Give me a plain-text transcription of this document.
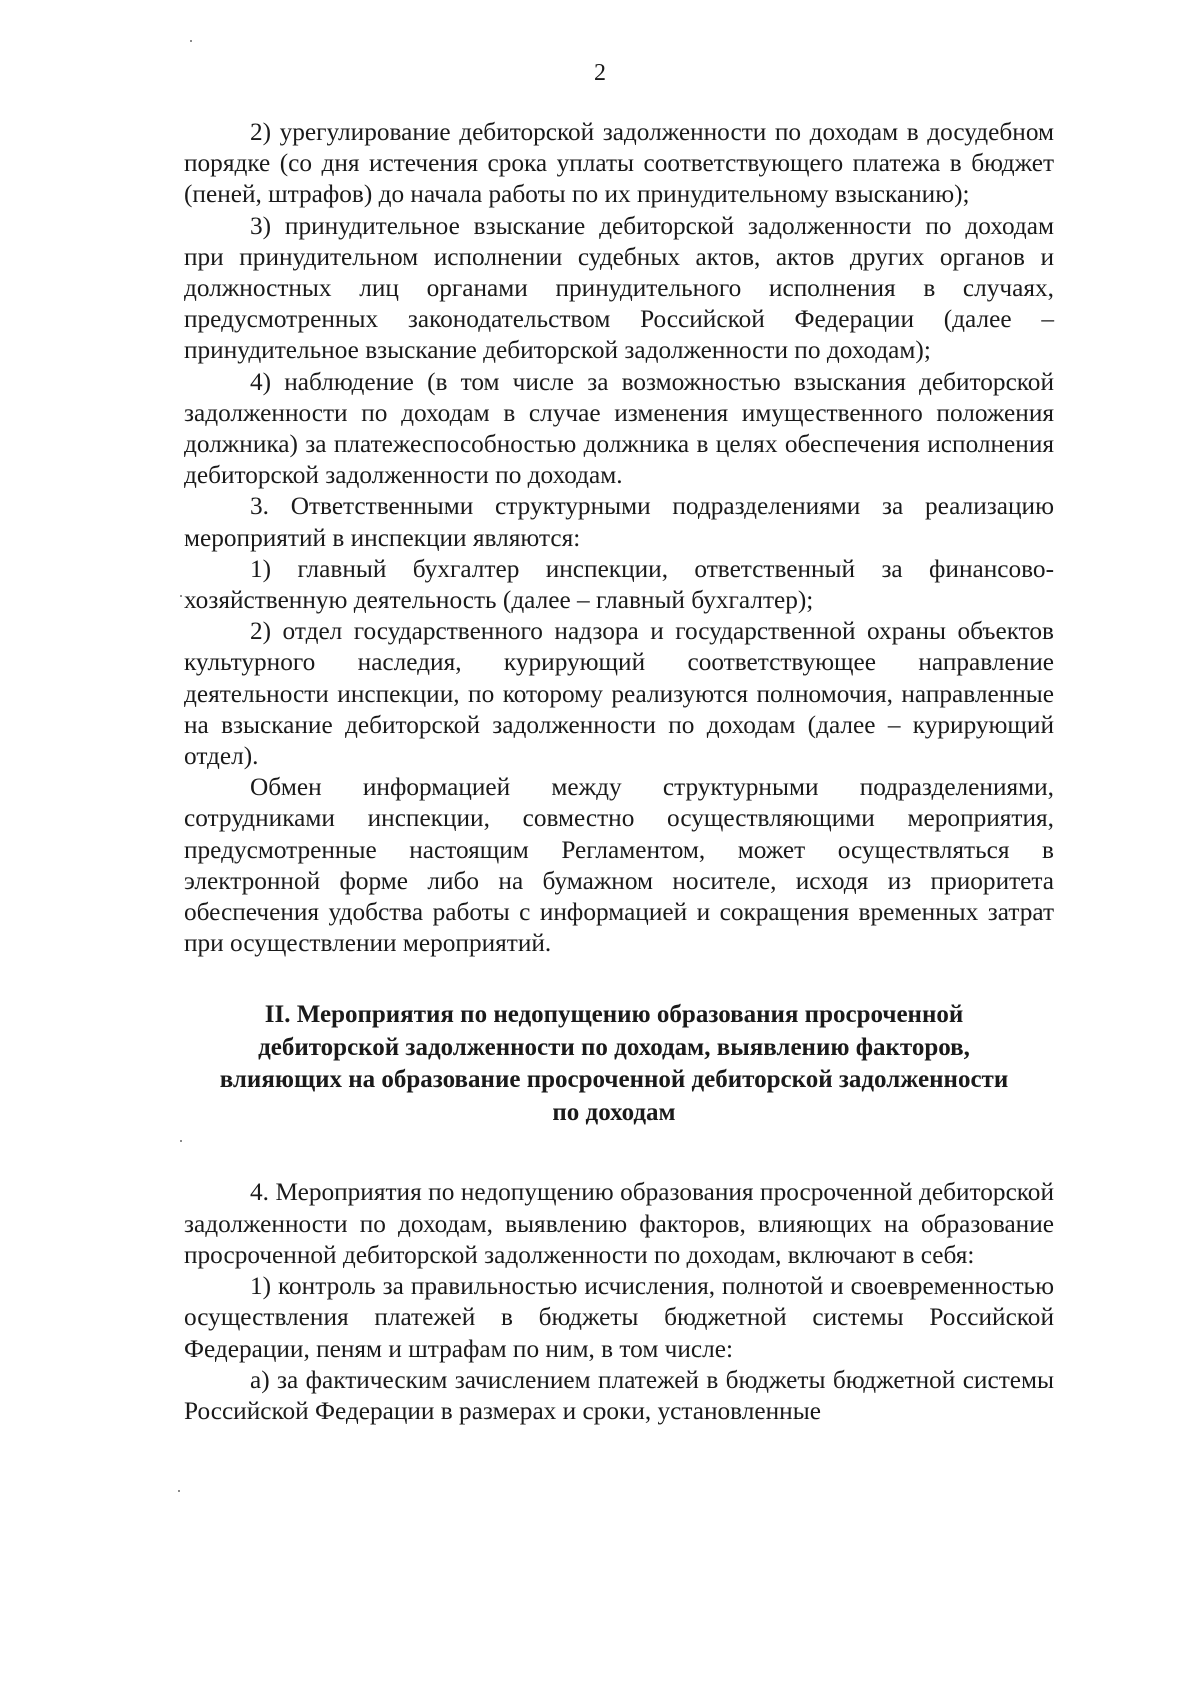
2

2) урегулирование дебиторской задолженности по доходам в досудебном порядке (со дня истечения срока уплаты соответствующего платежа в бюджет (пеней, штрафов) до начала работы по их принудительному взысканию);

3) принудительное взыскание дебиторской задолженности по доходам при принудительном исполнении судебных актов, актов других органов и должностных лиц органами принудительного исполнения в случаях, предусмотренных законодательством Российской Федерации (далее – принудительное взыскание дебиторской задолженности по доходам);

4) наблюдение (в том числе за возможностью взыскания дебиторской задолженности по доходам в случае изменения имущественного положения должника) за платежеспособностью должника в целях обеспечения исполнения дебиторской задолженности по доходам.

3. Ответственными структурными подразделениями за реализацию мероприятий в инспекции являются:

1) главный бухгалтер инспекции, ответственный за финансово-хозяйственную деятельность (далее – главный бухгалтер);

2) отдел государственного надзора и государственной охраны объектов культурного наследия, курирующий соответствующее направление деятельности инспекции, по которому реализуются полномочия, направленные на взыскание дебиторской задолженности по доходам (далее – курирующий отдел).

Обмен информацией между структурными подразделениями, сотрудниками инспекции, совместно осуществляющими мероприятия, предусмотренные настоящим Регламентом, может осуществляться в электронной форме либо на бумажном носителе, исходя из приоритета обеспечения удобства работы с информацией и сокращения временных затрат при осуществлении мероприятий.

II. Мероприятия по недопущению образования просроченной дебиторской задолженности по доходам, выявлению факторов, влияющих на образование просроченной дебиторской задолженности по доходам

4. Мероприятия по недопущению образования просроченной дебиторской задолженности по доходам, выявлению факторов, влияющих на образование просроченной дебиторской задолженности по доходам, включают в себя:

1) контроль за правильностью исчисления, полнотой и своевременностью осуществления платежей в бюджеты бюджетной системы Российской Федерации, пеням и штрафам по ним, в том числе:

а) за фактическим зачислением платежей в бюджеты бюджетной системы Российской Федерации в размерах и сроки, установленные
